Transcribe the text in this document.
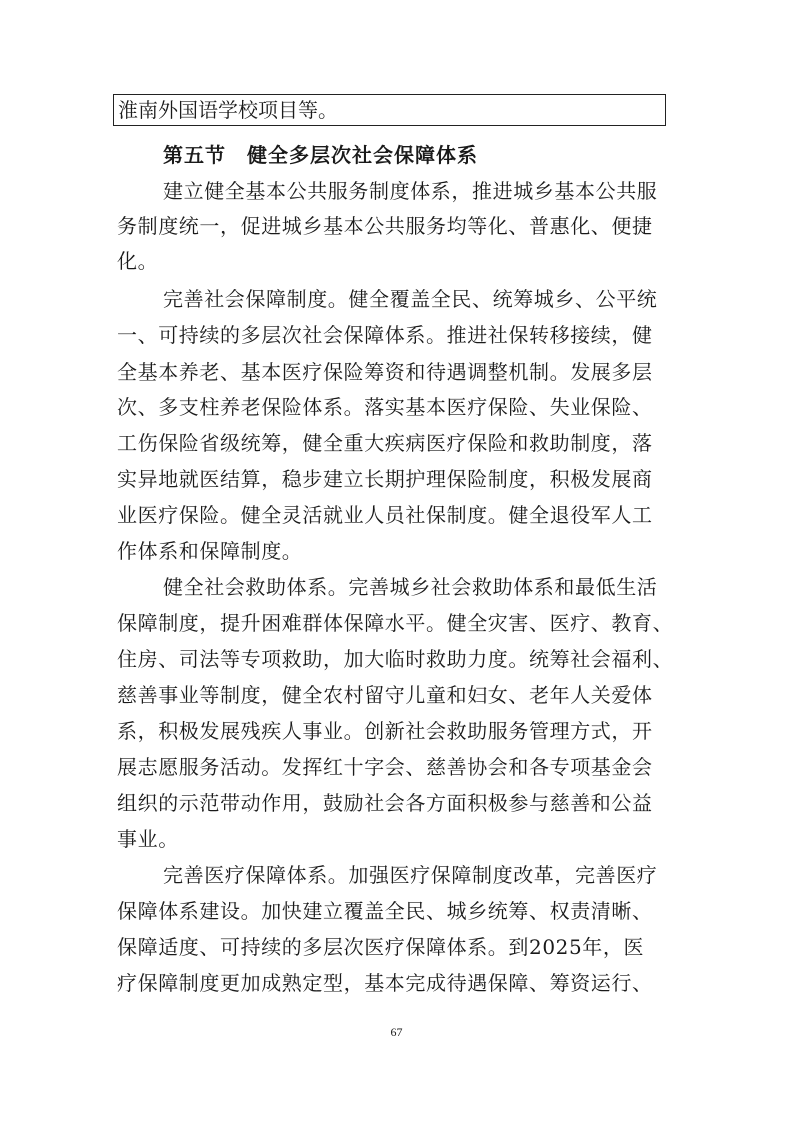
淮南外国语学校项目等。
第五节　健全多层次社会保障体系
建立健全基本公共服务制度体系，推进城乡基本公共服
务制度统一，促进城乡基本公共服务均等化、普惠化、便捷
化。
完善社会保障制度。健全覆盖全民、统筹城乡、公平统
一、可持续的多层次社会保障体系。推进社保转移接续，健
全基本养老、基本医疗保险筹资和待遇调整机制。发展多层
次、多支柱养老保险体系。落实基本医疗保险、失业保险、
工伤保险省级统筹，健全重大疾病医疗保险和救助制度，落
实异地就医结算，稳步建立长期护理保险制度，积极发展商
业医疗保险。健全灵活就业人员社保制度。健全退役军人工
作体系和保障制度。
健全社会救助体系。完善城乡社会救助体系和最低生活
保障制度，提升困难群体保障水平。健全灾害、医疗、教育、
住房、司法等专项救助，加大临时救助力度。统筹社会福利、
慈善事业等制度，健全农村留守儿童和妇女、老年人关爱体
系，积极发展残疾人事业。创新社会救助服务管理方式，开
展志愿服务活动。发挥红十字会、慈善协会和各专项基金会
组织的示范带动作用，鼓励社会各方面积极参与慈善和公益
事业。
完善医疗保障体系。加强医疗保障制度改革，完善医疗
保障体系建设。加快建立覆盖全民、城乡统筹、权责清晰、
保障适度、可持续的多层次医疗保障体系。到2025年，医
疗保障制度更加成熟定型，基本完成待遇保障、筹资运行、
67
